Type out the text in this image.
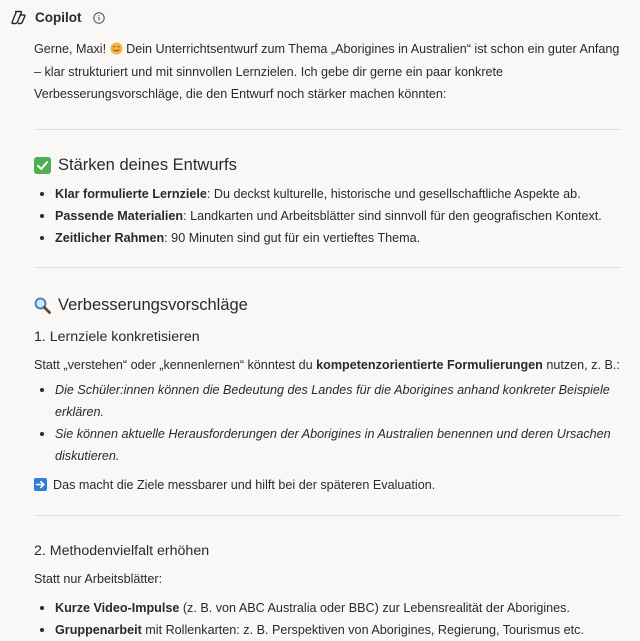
Copilot

Gerne, Maxi!  Dein Unterrichtsentwurf zum Thema „Aborigines in Australien“ ist schon ein guter Anfang – klar strukturiert und mit sinnvollen Lernzielen. Ich gebe dir gerne ein paar konkrete Verbesserungsvorschläge, die den Entwurf noch stärker machen könnten:

Stärken deines Entwurfs
Klar formulierte Lernziele: Du deckst kulturelle, historische und gesellschaftliche Aspekte ab.
Passende Materialien: Landkarten und Arbeitsblätter sind sinnvoll für den geografischen Kontext.
Zeitlicher Rahmen: 90 Minuten sind gut für ein vertieftes Thema.
Verbesserungsvorschläge
1. Lernziele konkretisieren

Statt „verstehen“ oder „kennenlernen“ könntest du kompetenzorientierte Formulierungen nutzen, z. B.:

Die Schüler:innen können die Bedeutung des Landes für die Aborigines anhand konkreter Beispiele erklären.
Sie können aktuelle Herausforderungen der Aborigines in Australien benennen und deren Ursachen diskutieren.

Das macht die Ziele messbarer und hilft bei der späteren Evaluation.

2. Methodenvielfalt erhöhen

Statt nur Arbeitsblätter:

Kurze Video-Impulse (z. B. von ABC Australia oder BBC) zur Lebensrealität der Aborigines.
Gruppenarbeit mit Rollenkarten: z. B. Perspektiven von Aborigines, Regierung, Tourismus etc.
